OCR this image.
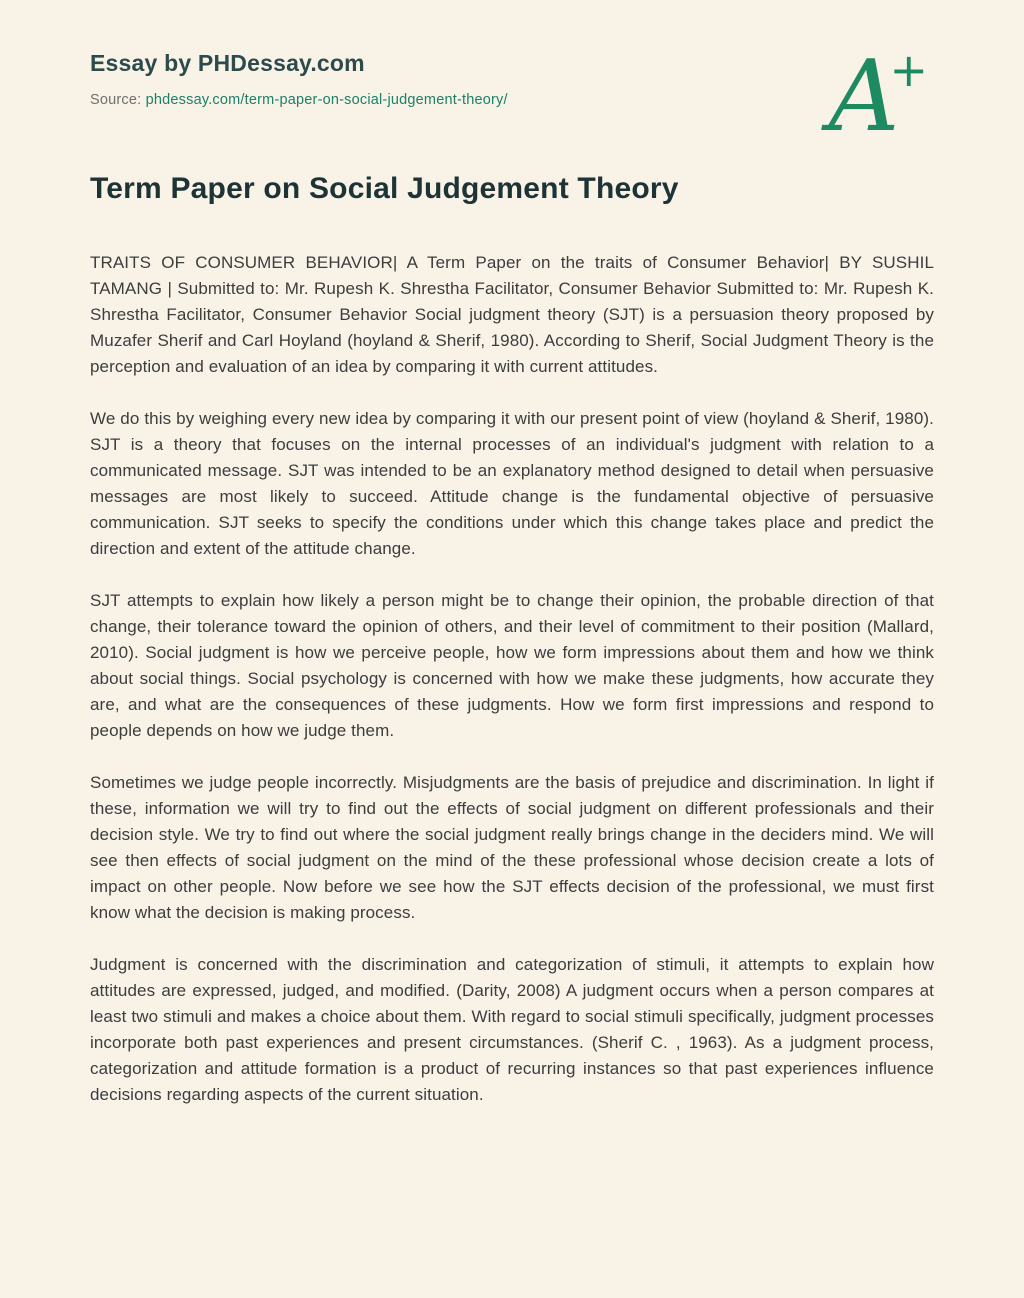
A+
Essay by PHDessay.com
Source: phdessay.com/term-paper-on-social-judgement-theory/
Term Paper on Social Judgement Theory

TRAITS OF CONSUMER BEHAVIOR| A Term Paper on the traits of Consumer Behavior| BY SUSHIL TAMANG | Submitted to: Mr. Rupesh K. Shrestha Facilitator, Consumer Behavior Submitted to: Mr. Rupesh K. Shrestha Facilitator, Consumer Behavior Social judgment theory (SJT) is a persuasion theory proposed by Muzafer Sherif and Carl Hoyland (hoyland & Sherif, 1980). According to Sherif, Social Judgment Theory is the perception and evaluation of an idea by comparing it with current attitudes.

We do this by weighing every new idea by comparing it with our present point of view (hoyland & Sherif, 1980). SJT is a theory that focuses on the internal processes of an individual's judgment with relation to a communicated message. SJT was intended to be an explanatory method designed to detail when persuasive messages are most likely to succeed. Attitude change is the fundamental objective of persuasive communication. SJT seeks to specify the conditions under which this change takes place and predict the direction and extent of the attitude change.

SJT attempts to explain how likely a person might be to change their opinion, the probable direction of that change, their tolerance toward the opinion of others, and their level of commitment to their position (Mallard, 2010). Social judgment is how we perceive people, how we form impressions about them and how we think about social things. Social psychology is concerned with how we make these judgments, how accurate they are, and what are the consequences of these judgments. How we form first impressions and respond to people depends on how we judge them.

Sometimes we judge people incorrectly. Misjudgments are the basis of prejudice and discrimination. In light if these, information we will try to find out the effects of social judgment on different professionals and their decision style. We try to find out where the social judgment really brings change in the deciders mind. We will see then effects of social judgment on the mind of the these professional whose decision create a lots of impact on other people. Now before we see how the SJT effects decision of the professional, we must first know what the decision is making process.

Judgment is concerned with the discrimination and categorization of stimuli, it attempts to explain how attitudes are expressed, judged, and modified. (Darity, 2008) A judgment occurs when a person compares at least two stimuli and makes a choice about them. With regard to social stimuli specifically, judgment processes incorporate both past experiences and present circumstances. (Sherif C. , 1963). As a judgment process, categorization and attitude formation is a product of recurring instances so that past experiences influence decisions regarding aspects of the current situation.
